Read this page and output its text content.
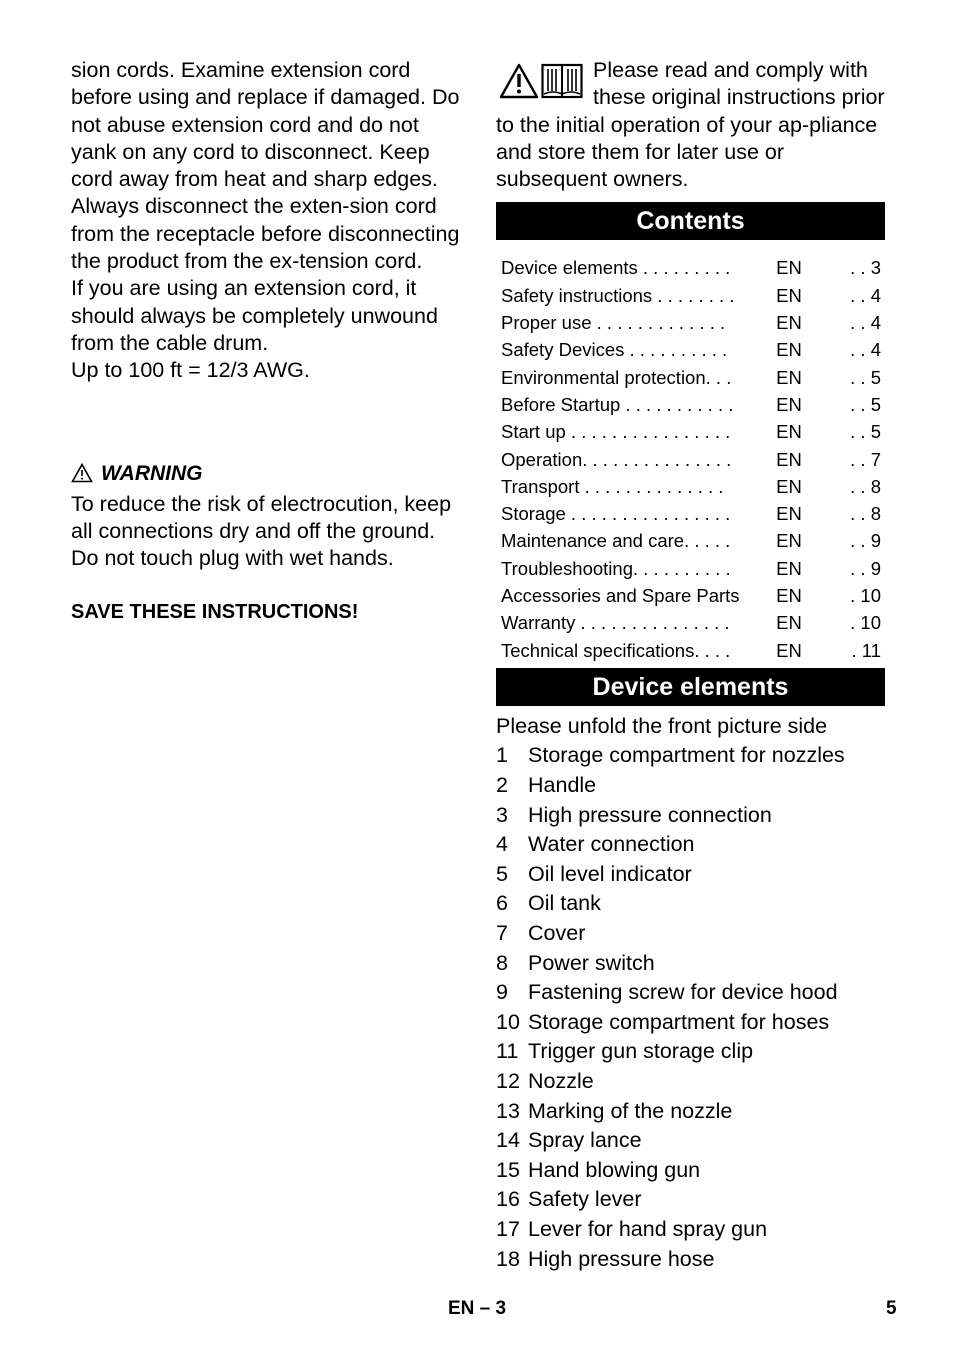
sion cords. Examine extension cord before using and replace if damaged. Do not abuse extension cord and do not yank on any cord to disconnect. Keep cord away from heat and sharp edges. Always disconnect the exten-sion cord from the receptacle before disconnecting the product from the ex-tension cord.

If you are using an extension cord, it should always be completely unwound from the cable drum.

Up to 100 ft = 12/3 AWG.

WARNING

To reduce the risk of electrocution, keep all connections dry and off the ground. Do not touch plug with wet hands.

SAVE THESE INSTRUCTIONS!

Please read and comply with these original instructions prior to the initial operation of your ap-pliance and store them for later use or subsequent owners.

Contents
Device elements . . . . . . . . .	EN	. . 3
Safety instructions . . . . . . . .	EN	. . 4
Proper use . . . . . . . . . . . . .	EN	. . 4
Safety Devices . . . . . . . . . .	EN	. . 4
Environmental protection. . .	EN	. . 5
Before Startup . . . . . . . . . . .	EN	. . 5
Start up . . . . . . . . . . . . . . . .	EN	. . 5
Operation. . . . . . . . . . . . . . .	EN	. . 7
Transport . . . . . . . . . . . . . .	EN	. . 8
Storage . . . . . . . . . . . . . . . .	EN	. . 8
Maintenance and care. . . . .	EN	. . 9
Troubleshooting. . . . . . . . . .	EN	. . 9
Accessories and Spare Parts	EN	. 10
Warranty . . . . . . . . . . . . . . .	EN	. 10
Technical specifications. . . .	EN	. 11
Device elements
Please unfold the front picture side
1 Storage compartment for nozzles
2 Handle
3 High pressure connection
4 Water connection
5 Oil level indicator
6 Oil tank
7 Cover
8 Power switch
9 Fastening screw for device hood
10 Storage compartment for hoses
11 Trigger gun storage clip
12 Nozzle
13 Marking of the nozzle
14 Spray lance
15 Hand blowing gun
16 Safety lever
17 Lever for hand spray gun
18 High pressure hose
EN – 3	5
